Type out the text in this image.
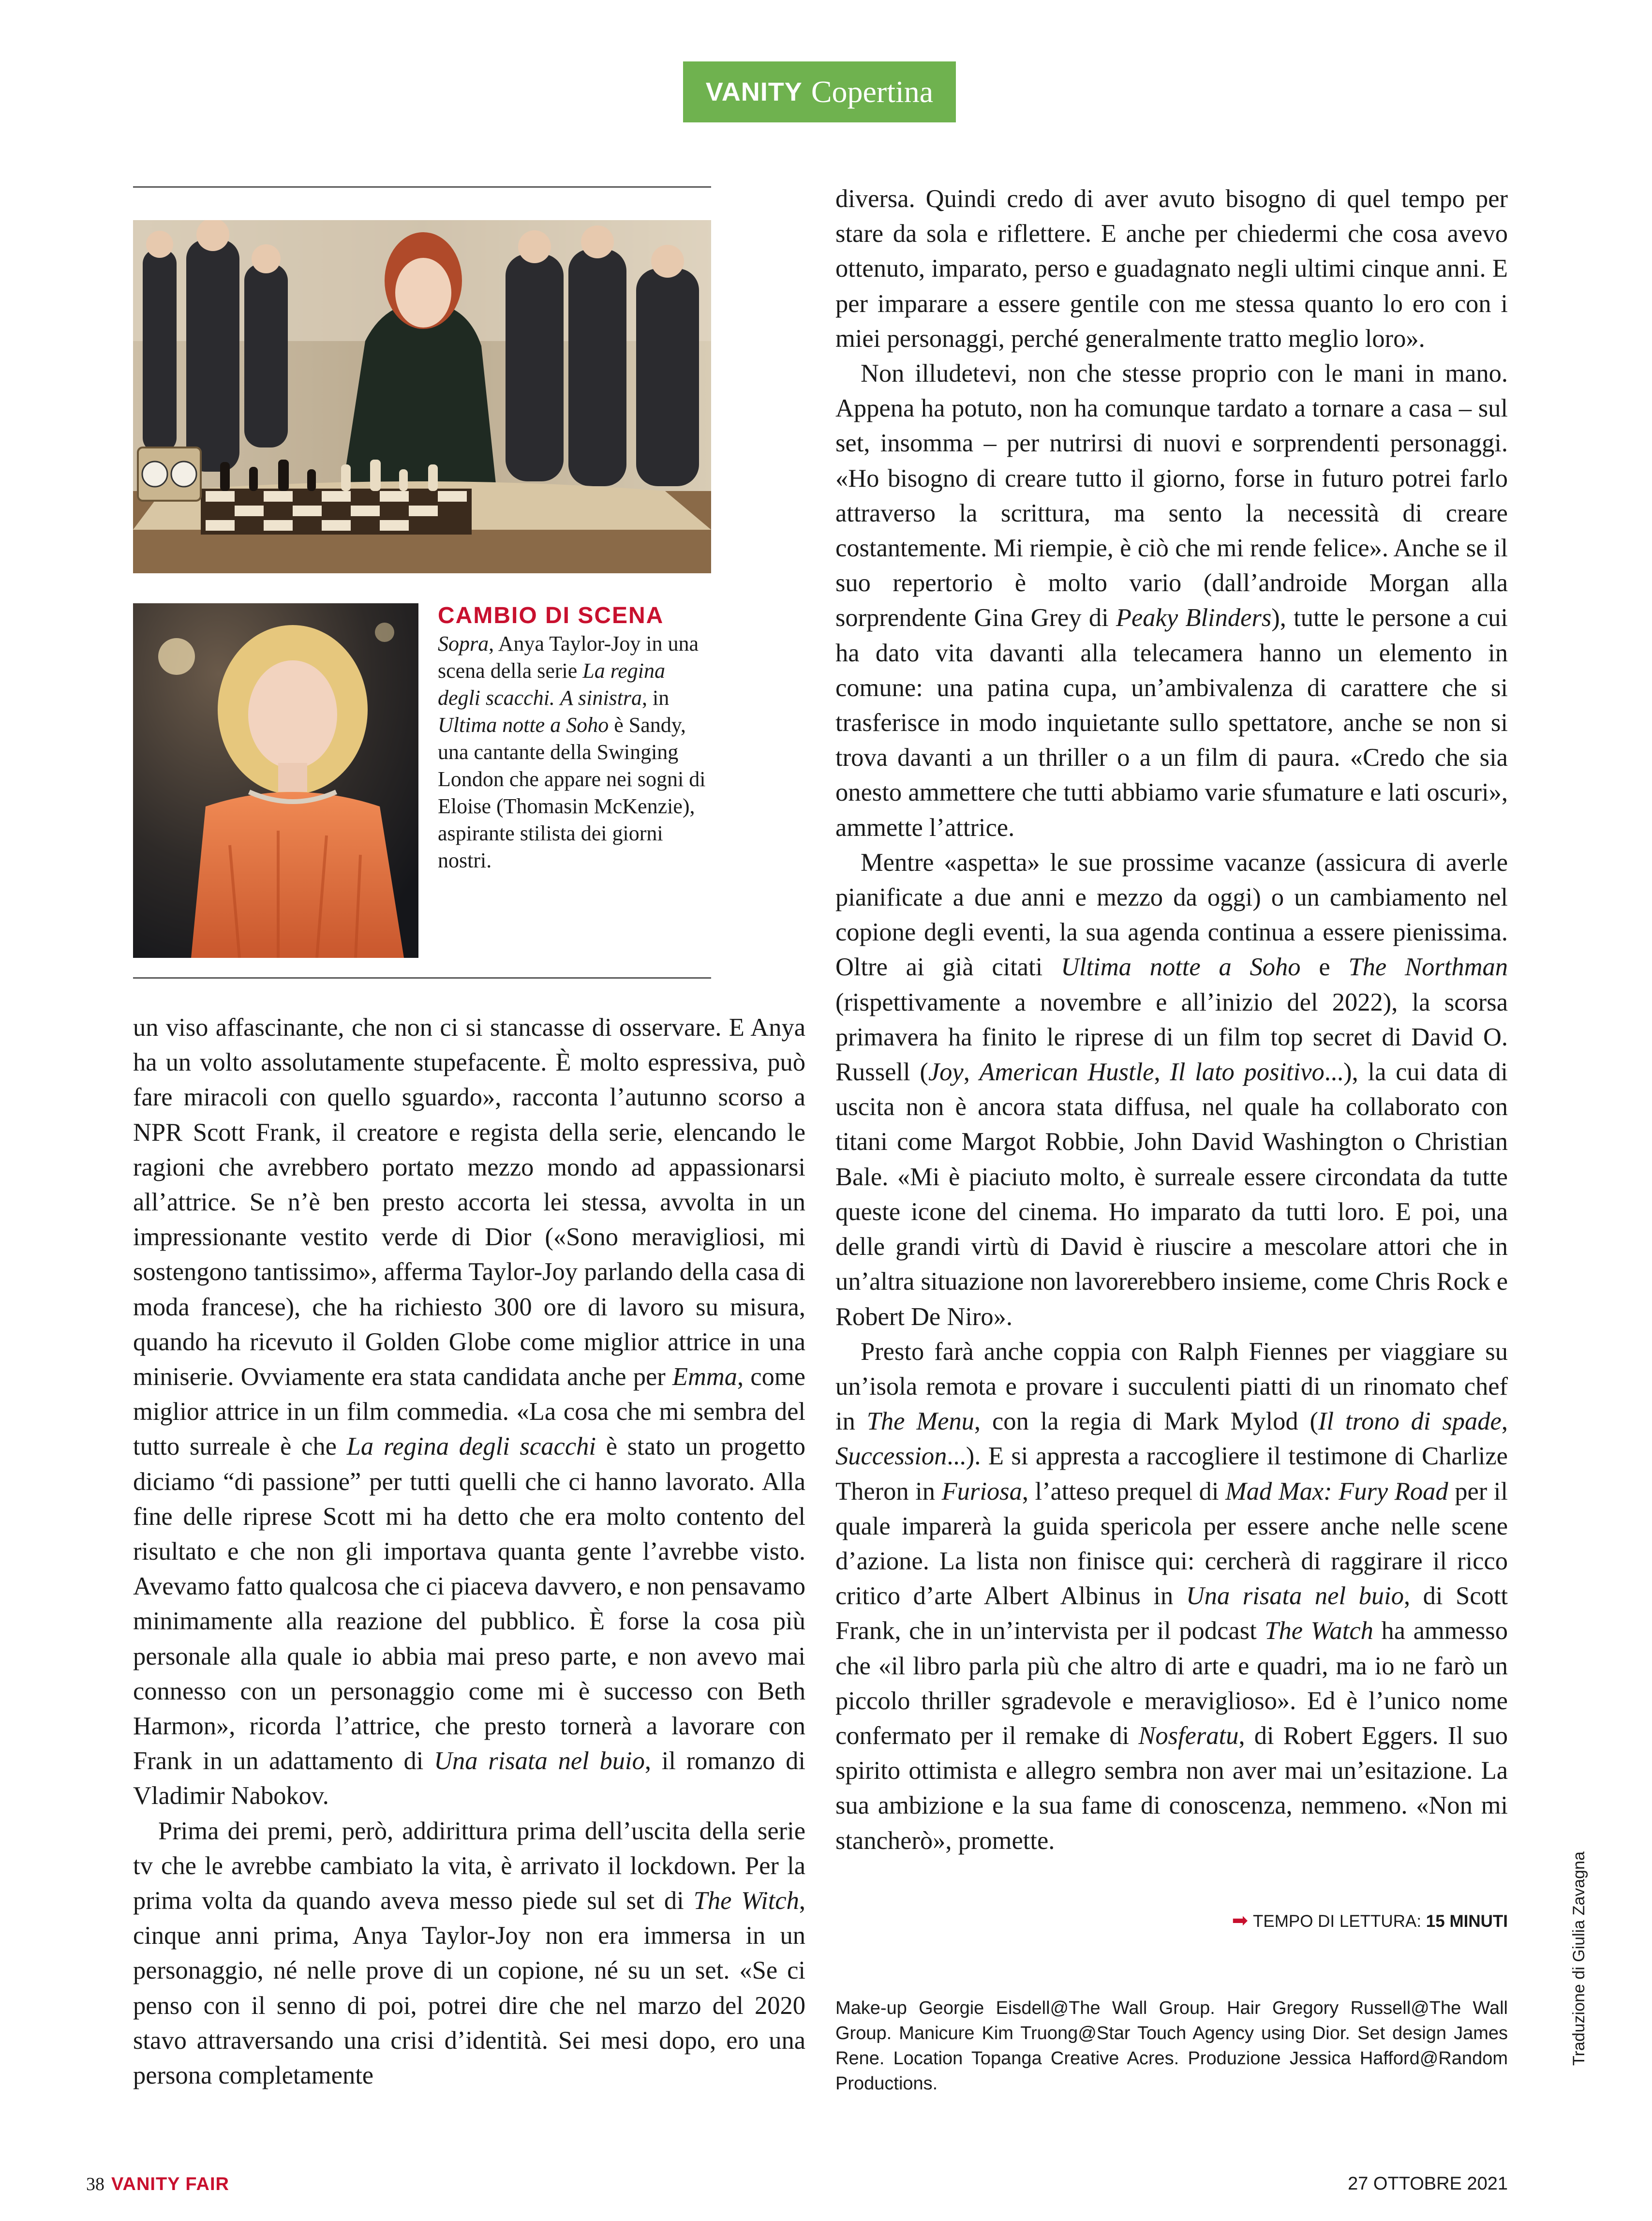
VANITY Copertina
CAMBIO DI SCENA

Sopra, Anya Taylor-Joy in una scena della serie La regina degli scacchi. A sinistra, in Ultima notte a Soho è Sandy, una cantante della Swinging London che appare nei sogni di Eloise (Thomasin McKenzie), aspirante stilista dei giorni nostri.

un viso affascinante, che non ci si stancasse di osservare. E Anya ha un volto assolutamente stupefacente. È molto espressiva, può fare miracoli con quello sguardo», racconta l’autunno scorso a NPR Scott Frank, il creatore e regista della serie, elencando le ragioni che avrebbero portato mezzo mondo ad appassionarsi all’attrice. Se n’è ben presto accorta lei stessa, avvolta in un impressionante vestito verde di Dior («Sono meravigliosi, mi sostengono tantissimo», afferma Taylor-Joy parlando della casa di moda francese), che ha richiesto 300 ore di lavoro su misura, quando ha ricevuto il Golden Globe come miglior attrice in una miniserie. Ovviamente era stata candidata anche per Emma, come miglior attrice in un film commedia. «La cosa che mi sembra del tutto surreale è che La regina degli scacchi è stato un progetto diciamo “di passione” per tutti quelli che ci hanno lavorato. Alla fine delle riprese Scott mi ha detto che era molto contento del risultato e che non gli importava quanta gente l’avrebbe visto. Avevamo fatto qualcosa che ci piaceva davvero, e non pensavamo minimamente alla reazione del pubblico. È forse la cosa più personale alla quale io abbia mai preso parte, e non avevo mai connesso con un personaggio come mi è successo con Beth Harmon», ricorda l’attrice, che presto tornerà a lavorare con Frank in un adattamento di Una risata nel buio, il romanzo di Vladimir Nabokov.

Prima dei premi, però, addirittura prima dell’uscita della serie tv che le avrebbe cambiato la vita, è arrivato il lockdown. Per la prima volta da quando aveva messo piede sul set di The Witch, cinque anni prima, Anya Taylor-Joy non era immersa in un personaggio, né nelle prove di un copione, né su un set. «Se ci penso con il senno di poi, potrei dire che nel marzo del 2020 stavo attraversando una crisi d’identità. Sei mesi dopo, ero una persona completamente

diversa. Quindi credo di aver avuto bisogno di quel tempo per stare da sola e riflettere. E anche per chiedermi che cosa avevo ottenuto, imparato, perso e guadagnato negli ultimi cinque anni. E per imparare a essere gentile con me stessa quanto lo ero con i miei personaggi, perché generalmente tratto meglio loro».

Non illudetevi, non che stesse proprio con le mani in mano. Appena ha potuto, non ha comunque tardato a tornare a casa – sul set, insomma – per nutrirsi di nuovi e sorprendenti personaggi. «Ho bisogno di creare tutto il giorno, forse in futuro potrei farlo attraverso la scrittura, ma sento la necessità di creare costantemente. Mi riempie, è ciò che mi rende felice». Anche se il suo repertorio è molto vario (dall’androide Morgan alla sorprendente Gina Grey di Peaky Blinders), tutte le persone a cui ha dato vita davanti alla telecamera hanno un elemento in comune: una patina cupa, un’ambivalenza di carattere che si trasferisce in modo inquietante sullo spettatore, anche se non si trova davanti a un thriller o a un film di paura. «Credo che sia onesto ammettere che tutti abbiamo varie sfumature e lati oscuri», ammette l’attrice.

Mentre «aspetta» le sue prossime vacanze (assicura di averle pianificate a due anni e mezzo da oggi) o un cambiamento nel copione degli eventi, la sua agenda continua a essere pienissima. Oltre ai già citati Ultima notte a Soho e The Northman (rispettivamente a novembre e all’inizio del 2022), la scorsa primavera ha finito le riprese di un film top secret di David O. Russell (Joy, American Hustle, Il lato positivo...), la cui data di uscita non è ancora stata diffusa, nel quale ha collaborato con titani come Margot Robbie, John David Washington o Christian Bale. «Mi è piaciuto molto, è surreale essere circondata da tutte queste icone del cinema. Ho imparato da tutti loro. E poi, una delle grandi virtù di David è riuscire a mescolare attori che in un’altra situazione non lavorerebbero insieme, come Chris Rock e Robert De Niro».

Presto farà anche coppia con Ralph Fiennes per viaggiare su un’isola remota e provare i succulenti piatti di un rinomato chef in The Menu, con la regia di Mark Mylod (Il trono di spade, Succession...). E si appresta a raccogliere il testimone di Charlize Theron in Furiosa, l’atteso prequel di Mad Max: Fury Road per il quale imparerà la guida spericola per essere anche nelle scene d’azione. La lista non finisce qui: cercherà di raggirare il ricco critico d’arte Albert Albinus in Una risata nel buio, di Scott Frank, che in un’intervista per il podcast The Watch ha ammesso che «il libro parla più che altro di arte e quadri, ma io ne farò un piccolo thriller sgradevole e meraviglioso». Ed è l’unico nome confermato per il remake di Nosferatu, di Robert Eggers. Il suo spirito ottimista e allegro sembra non aver mai un’esitazione. La sua ambizione e la sua fame di conoscenza, nemmeno. «Non mi stancherò», promette.

➡ TEMPO DI LETTURA: 15 MINUTI
Make-up Georgie Eisdell@The Wall Group. Hair Gregory Russell@The Wall Group. Manicure Kim Truong@Star Touch Agency using Dior. Set design James Rene. Location Topanga Creative Acres. Produzione Jessica Hafford@Random Productions.
Traduzione di Giulia Zavagna
38 VANITY FAIR	27 OTTOBRE 2021
